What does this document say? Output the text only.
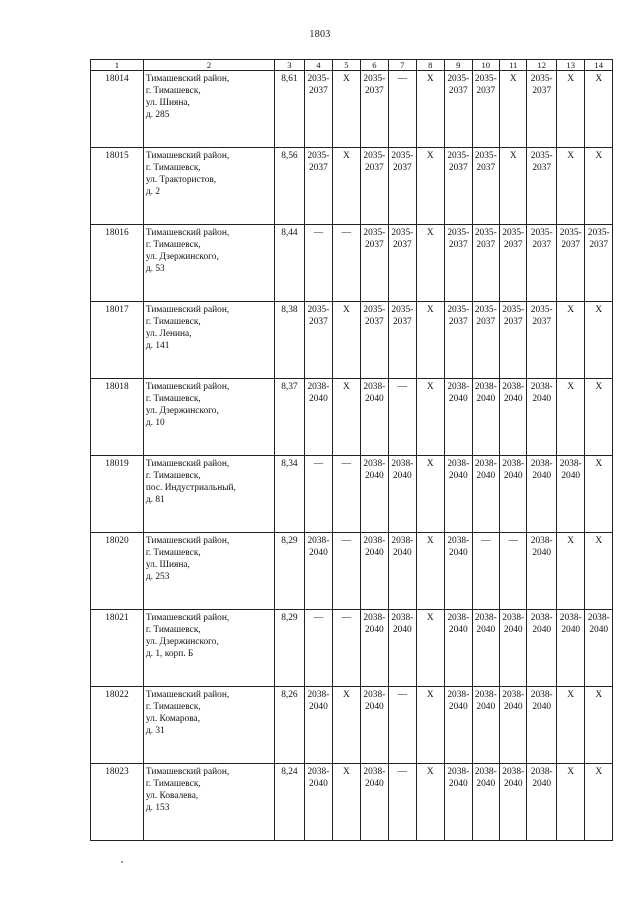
1803
1	2	3	4	5	6	7	8	9	10	11	12	13	14
18014	Тимашевский район,
г. Тимашевск,
ул. Шияна,
д. 285	8,61	2035-2037	Х	2035-2037	—	Х	2035-2037	2035-2037	Х	2035-2037	Х	Х
18015	Тимашевский район,
г. Тимашевск,
ул. Трактористов,
д. 2	8,56	2035-2037	Х	2035-2037	2035-2037	Х	2035-2037	2035-2037	Х	2035-2037	Х	Х
18016	Тимашевский район,
г. Тимашевск,
ул. Дзержинского,
д. 53	8,44	—	—	2035-2037	2035-2037	Х	2035-2037	2035-2037	2035-2037	2035-2037	2035-2037	2035-2037
18017	Тимашевский район,
г. Тимашевск,
ул. Ленина,
д. 141	8,38	2035-2037	Х	2035-2037	2035-2037	Х	2035-2037	2035-2037	2035-2037	2035-2037	Х	Х
18018	Тимашевский район,
г. Тимашевск,
ул. Дзержинского,
д. 10	8,37	2038-2040	Х	2038-2040	—	Х	2038-2040	2038-2040	2038-2040	2038-2040	Х	Х
18019	Тимашевский район,
г. Тимашевск,
пос. Индустриальный,
д. 81	8,34	—	—	2038-2040	2038-2040	Х	2038-2040	2038-2040	2038-2040	2038-2040	2038-2040	Х
18020	Тимашевский район,
г. Тимашевск,
ул. Шияна,
д. 253	8,29	2038-2040	—	2038-2040	2038-2040	Х	2038-2040	—	—	2038-2040	Х	Х
18021	Тимашевский район,
г. Тимашевск,
ул. Дзержинского,
д. 1, корп. Б	8,29	—	—	2038-2040	2038-2040	Х	2038-2040	2038-2040	2038-2040	2038-2040	2038-2040	2038-2040
18022	Тимашевский район,
г. Тимашевск,
ул. Комарова,
д. 31	8,26	2038-2040	Х	2038-2040	—	Х	2038-2040	2038-2040	2038-2040	2038-2040	Х	Х
18023	Тимашевский район,
г. Тимашевск,
ул. Ковалева,
д. 153	8,24	2038-2040	Х	2038-2040	—	Х	2038-2040	2038-2040	2038-2040	2038-2040	Х	Х
